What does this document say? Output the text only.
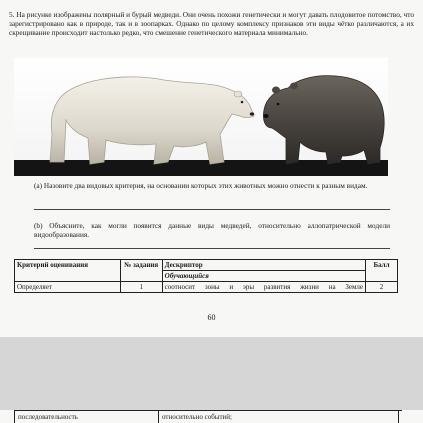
5. На рисунке изображены полярный и бурый медведи. Они очень похожи генетически и могут давать плодовитое потомство, что зарегистрировано как в природе, так и в зоопарках. Однако по целому комплексу признаков эти виды чётко различаются, а их скрещивание происходит настолько редко, что смешение генетического материала минимально.
(a) Назовите два видовых критерия, на основании которых этих животных можно отнести к разным видам.
(b) Объясните, как могли появится данные виды медведей, относительно аллопатрической модели видообразования.
Критерий оценивания	№ задания	Дескриптор	Балл
		Обучающийся	
Определяет	1	соотносит зоны и эры развития жизни на Земле	2
60
последовательность	относительно событий;
